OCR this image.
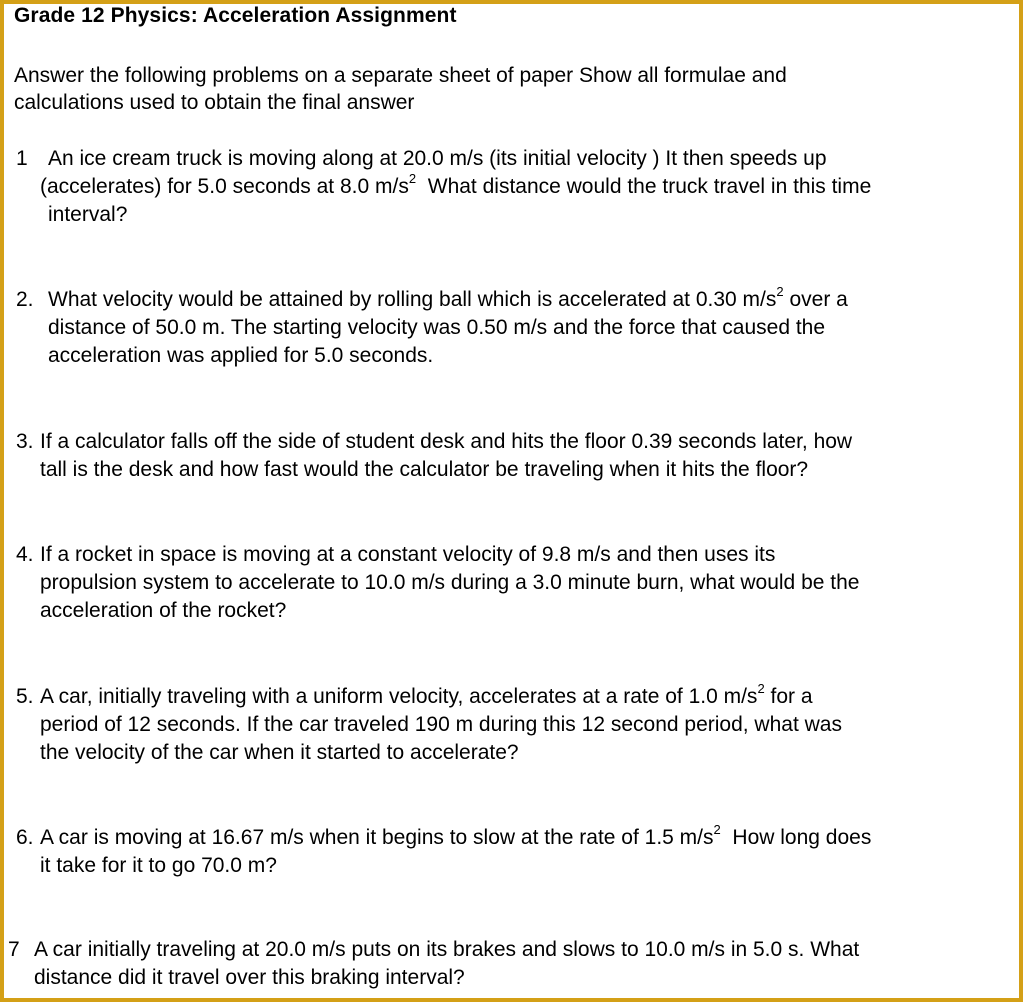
Grade 12 Physics: Acceleration Assignment
Answer the following problems on a separate sheet of paper Show all formulae and
calculations used to obtain the final answer
1 An ice cream truck is moving along at 20.0 m/s (its initial velocity ) It then speeds up
(accelerates) for 5.0 seconds at 8.0 $m/s^2$  What distance would the truck travel in this time
interval?
2. What velocity would be attained by rolling ball which is accelerated at 0.30 $m/s^2$ over a
distance of 50.0 m. The starting velocity was 0.50 m/s and the force that caused the
acceleration was applied for 5.0 seconds.
3. If a calculator falls off the side of student desk and hits the floor 0.39 seconds later, how
tall is the desk and how fast would the calculator be traveling when it hits the floor?
4. If a rocket in space is moving at a constant velocity of 9.8 m/s and then uses its
propulsion system to accelerate to 10.0 m/s during a 3.0 minute burn, what would be the
acceleration of the rocket?
5. A car, initially traveling with a uniform velocity, accelerates at a rate of 1.0 $m/s^2$ for a
period of 12 seconds. If the car traveled 190 m during this 12 second period, what was
the velocity of the car when it started to accelerate?
6. A car is moving at 16.67 m/s when it begins to slow at the rate of 1.5 $m/s^2$  How long does
it take for it to go 70.0 m?
7 A car initially traveling at 20.0 m/s puts on its brakes and slows to 10.0 m/s in 5.0 s. What
distance did it travel over this braking interval?
